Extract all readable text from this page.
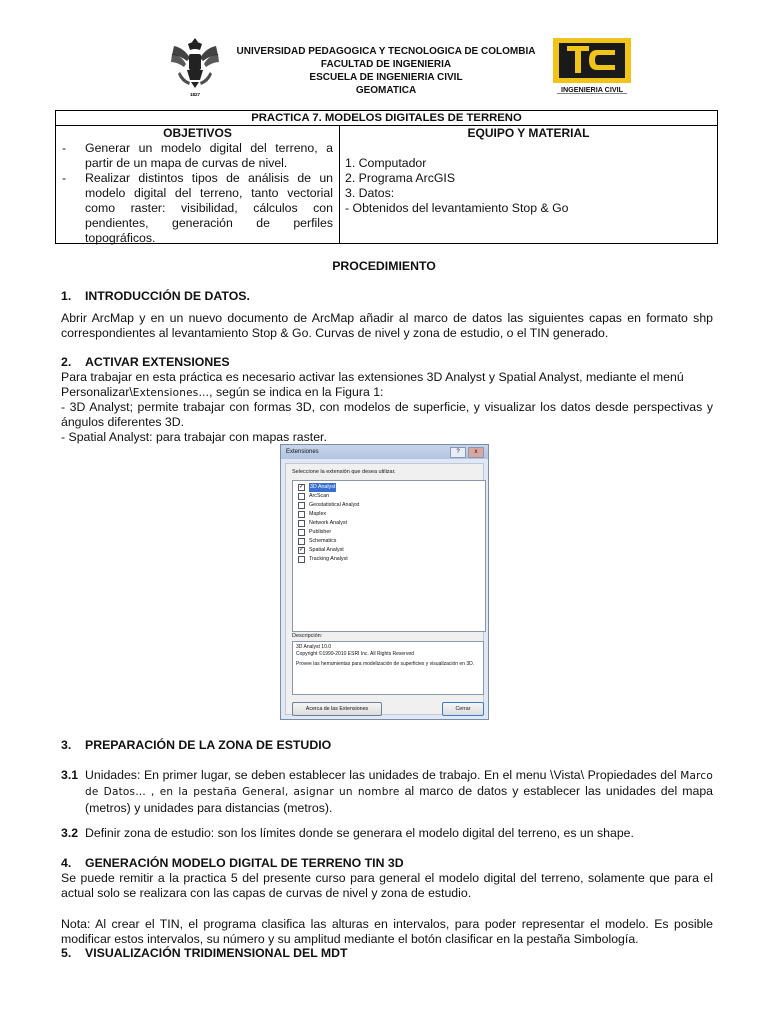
1827
UNIVERSIDAD PEDAGOGICA Y TECNOLOGICA DE COLOMBIA
FACULTAD DE INGENIERIA
ESCUELA DE INGENIERIA CIVIL
GEOMATICA
UPTC
INGENIERIA CIVIL
PRACTICA 7. MODELOS DIGITALES DE TERRENO
OBJETIVOS
- Generar un modelo digital del terreno, a partir de un mapa de curvas de nivel.
- Realizar distintos tipos de análisis de un modelo digital del terreno, tanto vectorial como raster: visibilidad, cálculos con pendientes, generación de perfiles topográficos.
EQUIPO Y MATERIAL
1. Computador
2. Programa ArcGIS
3. Datos:
- Obtenidos del levantamiento Stop & Go
PROCEDIMIENTO
1. INTRODUCCIÓN DE DATOS.
Abrir ArcMap y en un nuevo documento de ArcMap añadir al marco de datos las siguientes capas en formato shp correspondientes al levantamiento Stop & Go. Curvas de nivel y zona de estudio, o el TIN generado.
2. ACTIVAR EXTENSIONES
Para trabajar en esta práctica es necesario activar las extensiones 3D Analyst y Spatial Analyst, mediante el menú
Personalizar\Extensiones…, según se indica en la Figura 1:
- 3D Analyst; permite trabajar con formas 3D, con modelos de superficie, y visualizar los datos desde perspectivas y ángulos diferentes 3D.
- Spatial Analyst: para trabajar con mapas raster.
Extensiones	?	x
Seleccione la extensión que desea utilizar.
✓ 3D Analyst
ArcScan
Geostatistical Analyst
Maplex
Network Analyst
Publisher
Schematics
✓ Spatial Analyst
Tracking Analyst
Descripción:
3D Analyst 10.0
Copyright ©1999-2010 ESRI Inc. All Rights Reserved
Provee las herramientas para modelización de superficies y visualización en 3D.
Acerca de las Extensiones	Cerrar
3. PREPARACIÓN DE LA ZONA DE ESTUDIO
3.1 Unidades: En primer lugar, se deben establecer las unidades de trabajo. En el menu \Vista\ Propiedades del Marco de Datos… , en la pestaña General, asignar un nombre al marco de datos y establecer las unidades del mapa (metros) y unidades para distancias (metros).
3.2 Definir zona de estudio: son los límites donde se generara el modelo digital del terreno, es un shape.
4. GENERACIÓN MODELO DIGITAL DE TERRENO TIN 3D
Se puede remitir a la practica 5 del presente curso para general el modelo digital del terreno, solamente que para el actual solo se realizara con las capas de curvas de nivel y zona de estudio.
Nota: Al crear el TIN, el programa clasifica las alturas en intervalos, para poder representar el modelo. Es posible modificar estos intervalos, su número y su amplitud mediante el botón clasificar en la pestaña Simbología.
5. VISUALIZACIÓN TRIDIMENSIONAL DEL MDT
